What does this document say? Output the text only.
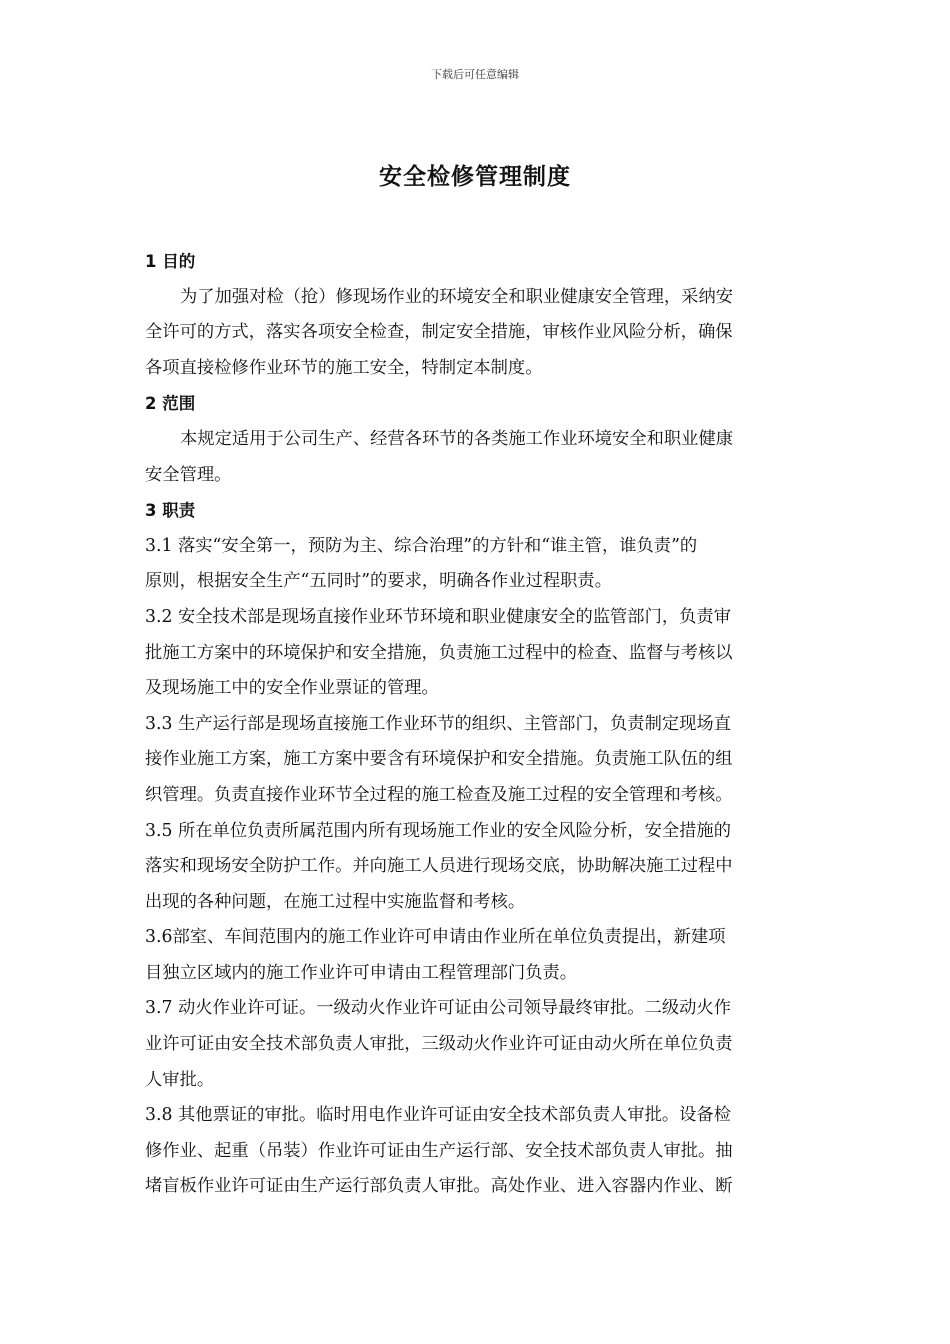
下载后可任意编辑
安全检修管理制度
1 目的
为了加强对检（抢）修现场作业的环境安全和职业健康安全管理，采纳安
全许可的方式，落实各项安全检查，制定安全措施，审核作业风险分析，确保
各项直接检修作业环节的施工安全，特制定本制度。
2 范围
本规定适用于公司生产、经营各环节的各类施工作业环境安全和职业健康
安全管理。
3 职责
3.1 落实“安全第一，预防为主、综合治理”的方针和“谁主管，谁负责”的
原则，根据安全生产“五同时”的要求，明确各作业过程职责。
3.2 安全技术部是现场直接作业环节环境和职业健康安全的监管部门，负责审
批施工方案中的环境保护和安全措施，负责施工过程中的检查、监督与考核以
及现场施工中的安全作业票证的管理。
3.3 生产运行部是现场直接施工作业环节的组织、主管部门，负责制定现场直
接作业施工方案，施工方案中要含有环境保护和安全措施。负责施工队伍的组
织管理。负责直接作业环节全过程的施工检查及施工过程的安全管理和考核。
3.5 所在单位负责所属范围内所有现场施工作业的安全风险分析，安全措施的
落实和现场安全防护工作。并向施工人员进行现场交底，协助解决施工过程中
出现的各种问题，在施工过程中实施监督和考核。
3.6部室、车间范围内的施工作业许可申请由作业所在单位负责提出，新建项
目独立区域内的施工作业许可申请由工程管理部门负责。
3.7 动火作业许可证。一级动火作业许可证由公司领导最终审批。二级动火作
业许可证由安全技术部负责人审批，三级动火作业许可证由动火所在单位负责
人审批。
3.8 其他票证的审批。临时用电作业许可证由安全技术部负责人审批。设备检
修作业、起重（吊装）作业许可证由生产运行部、安全技术部负责人审批。抽
堵盲板作业许可证由生产运行部负责人审批。高处作业、进入容器内作业、断
